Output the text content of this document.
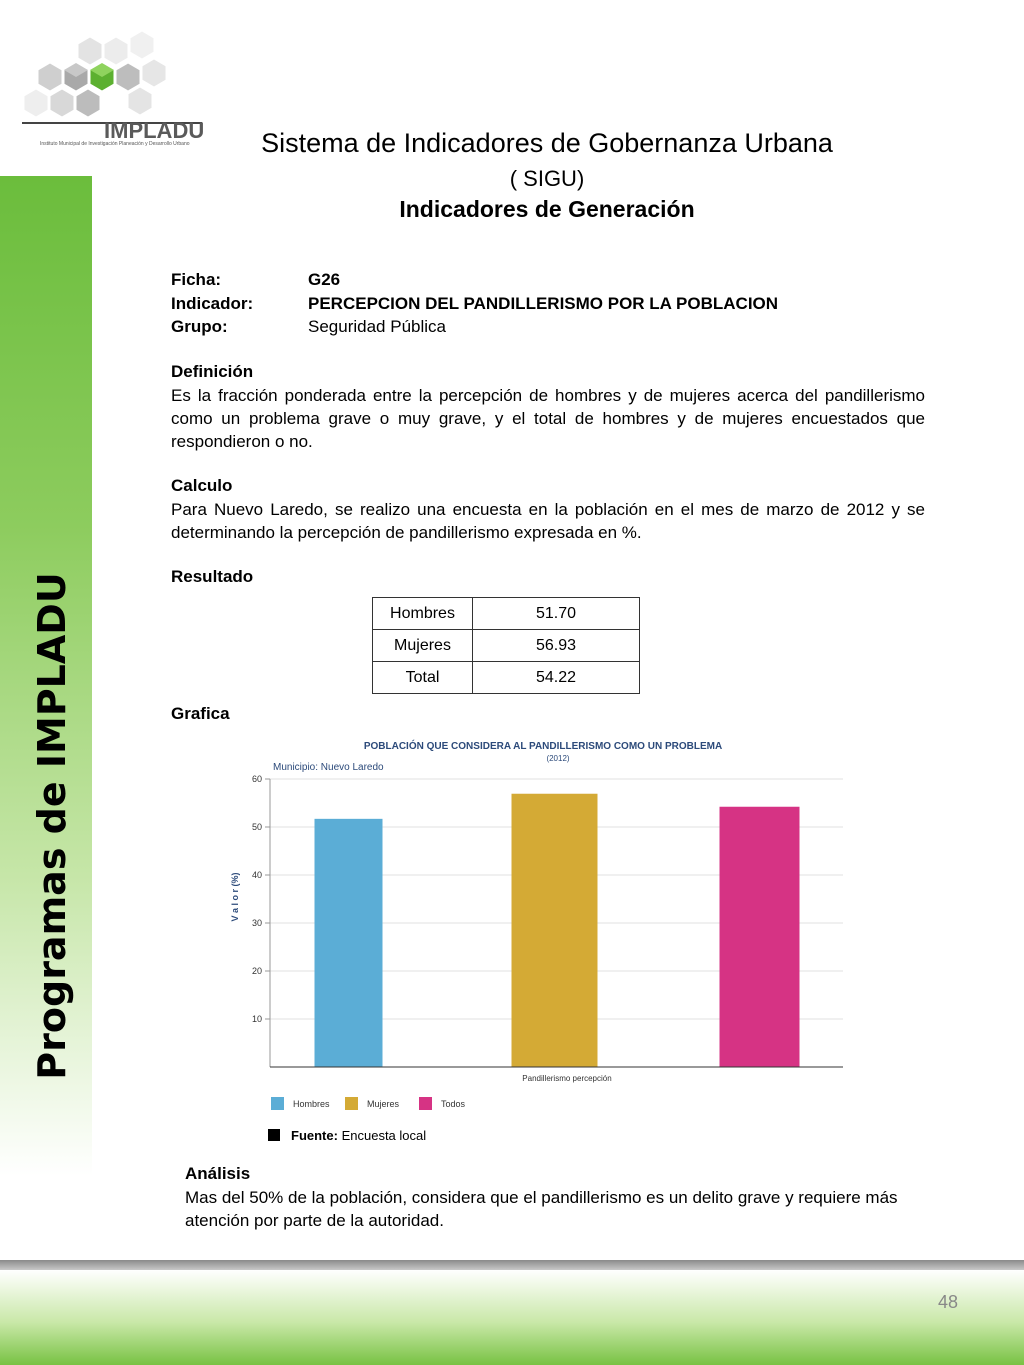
Programas de IMPLADU
IMPLADU
Instituto Municipal de Investigación Planeación y Desarrollo Urbano	Sistema de Indicadores de Gobernanza Urbana
( SIGU)
Indicadores de Generación
Ficha:	G26
Indicador:	PERCEPCION DEL PANDILLERISMO POR LA POBLACION
Grupo:	Seguridad Pública
Definición
Es la fracción ponderada entre la percepción de hombres y de mujeres acerca del pandillerismo como un problema grave o muy grave, y el total de hombres y de mujeres encuestados que respondieron o no.
Calculo
Para Nuevo Laredo, se realizo una encuesta en la población en el mes de marzo de 2012 y se determinando la percepción de pandillerismo expresada en %.
Resultado
Hombres	51.70
Mujeres	56.93
Total	54.22
Grafica
POBLACIÓN QUE CONSIDERA AL PANDILLERISMO COMO UN PROBLEMA
(2012)
Municipio: Nuevo Laredo
10
20
30
40
50
60
Pandillerismo percepción
V a l o r (%)
Hombres	Mujeres	Todos
Fuente: Encuesta local
Análisis
Mas del 50% de la población, considera que el pandillerismo es un delito grave y requiere más atención por parte de la autoridad.
48
